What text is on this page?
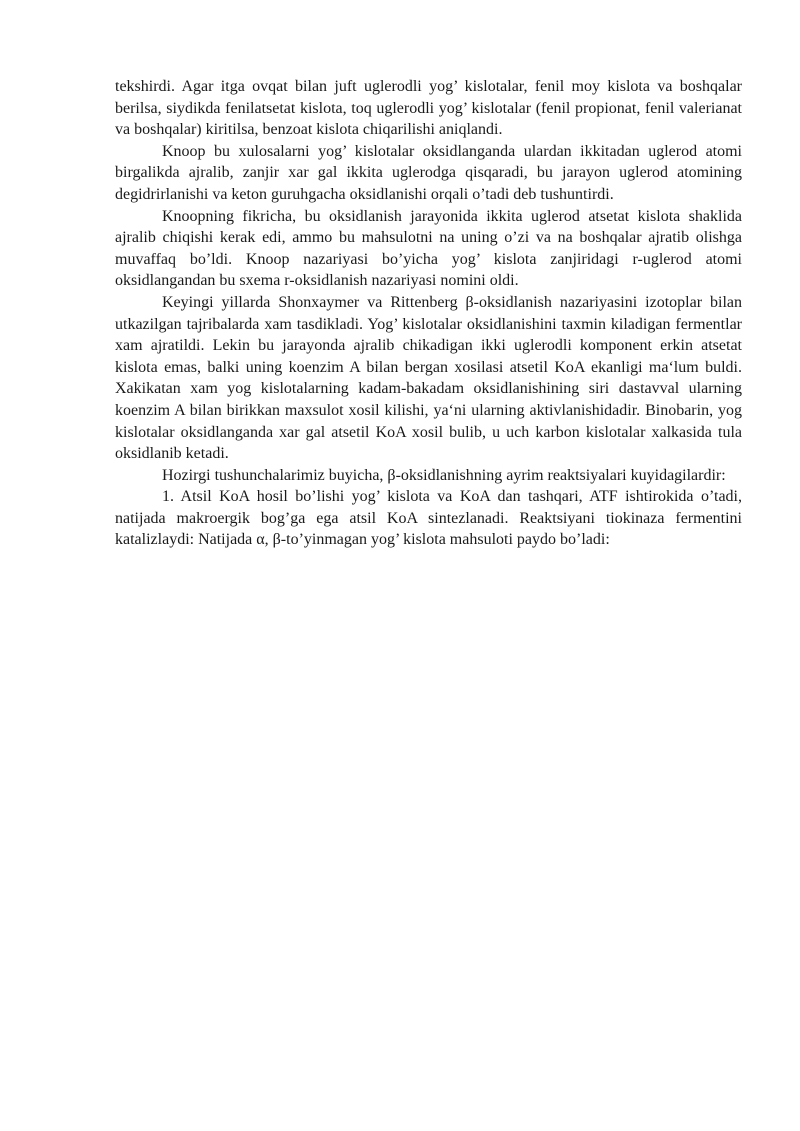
tekshirdi. Agar itga ovqat bilan juft uglerodli yog’ kislotalar, fenil moy kislota va boshqalar berilsa, siydikda fenilatsetat kislota, toq uglerodli yog’ kislotalar (fenil propionat, fenil valerianat va boshqalar) kiritilsa, benzoat kislota chiqarilishi aniqlandi.

Knoop bu xulosalarni yog’ kislotalar oksidlanganda ulardan ikkitadan uglerod atomi birgalikda ajralib, zanjir xar gal ikkita uglerodga qisqaradi, bu jarayon uglerod atomining degidrirlanishi va keton guruhgacha oksidlanishi orqali o’tadi deb tushuntirdi.

Knoopning fikricha, bu oksidlanish jarayonida ikkita uglerod atsetat kislota shaklida ajralib chiqishi kerak edi, ammo bu mahsulotni na uning o’zi va na boshqalar ajratib olishga muvaffaq bo’ldi. Knoop nazariyasi bo’yicha yog’ kislota zanjiridagi r-uglerod atomi oksidlangandan bu sxema r-oksidlanish nazariyasi nomini oldi.

Keyingi yillarda Shonxaymer va Rittenberg β-oksidlanish nazariyasini izotoplar bilan utkazilgan tajribalarda xam tasdikladi. Yog’ kislotalar oksidlanishini taxmin kiladigan fermentlar xam ajratildi. Lekin bu jarayonda ajralib chikadigan ikki uglerodli komponent erkin atsetat kislota emas, balki uning koenzim A bilan bergan xosilasi atsetil KoA ekanligi maʻlum buldi. Xakikatan xam yog kislotalarning kadam-bakadam oksidlanishining siri dastavval ularning koenzim A bilan birikkan maxsulot xosil kilishi, yaʻni ularning aktivlanishidadir. Binobarin, yog kislotalar oksidlanganda xar gal atsetil KoA xosil bulib, u uch karbon kislotalar xalkasida tula oksidlanib ketadi.

Hozirgi tushunchalarimiz buyicha, β-oksidlanishning ayrim reaktsiyalari kuyidagilardir:

1. Atsil KoA hosil bo’lishi yog’ kislota va KoA dan tashqari, ATF ishtirokida o’tadi, natijada makroergik bog’ga ega atsil KoA sintezlanadi. Reaktsiyani tiokinaza fermentini katalizlaydi: Natijada α, β-to’yinmagan yog’ kislota mahsuloti paydo bo’ladi:
